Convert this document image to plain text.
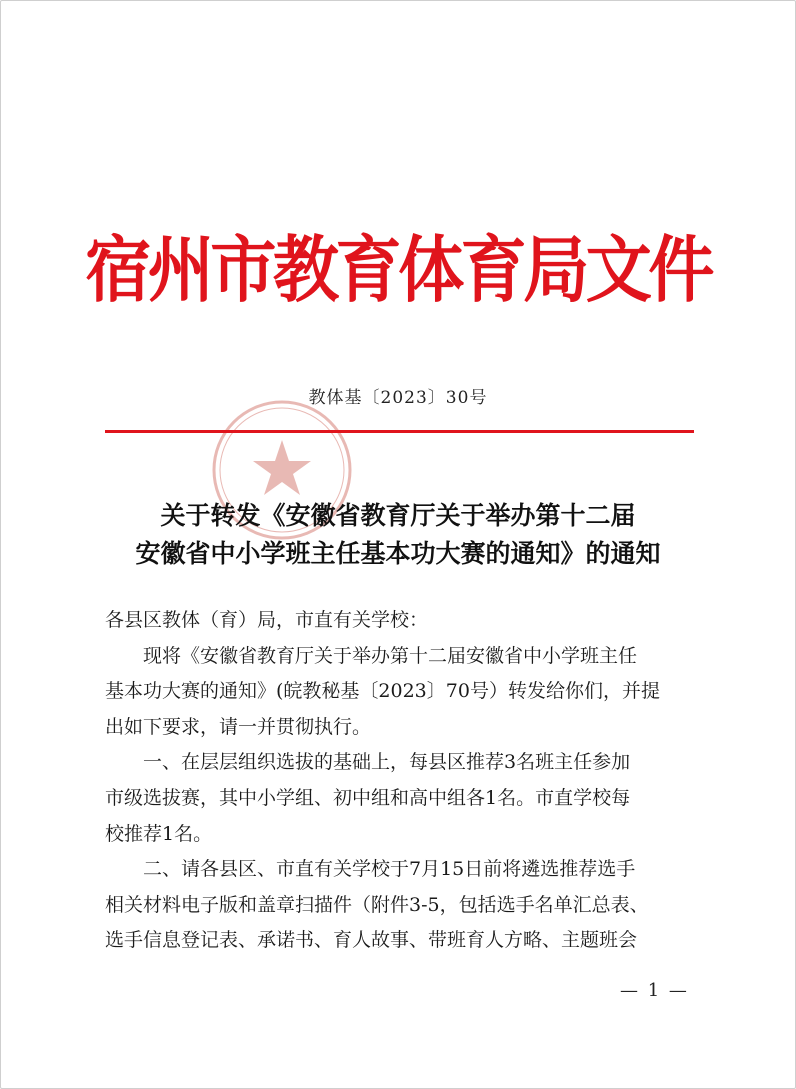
宿州市教育体育局文件
教体基〔2023〕30号
关于转发《安徽省教育厅关于举办第十二届
安徽省中小学班主任基本功大赛的通知》的通知

各县区教体（育）局，市直有关学校：

　　现将《安徽省教育厅关于举办第十二届安徽省中小学班主任

基本功大赛的通知》(皖教秘基〔2023〕70号）转发给你们，并提

出如下要求，请一并贯彻执行。

　　一、在层层组织选拔的基础上，每县区推荐3名班主任参加

市级选拔赛，其中小学组、初中组和高中组各1名。市直学校每

校推荐1名。

　　二、请各县区、市直有关学校于7月15日前将遴选推荐选手

相关材料电子版和盖章扫描件（附件3-5，包括选手名单汇总表、

选手信息登记表、承诺书、育人故事、带班育人方略、主题班会

— 1 —
